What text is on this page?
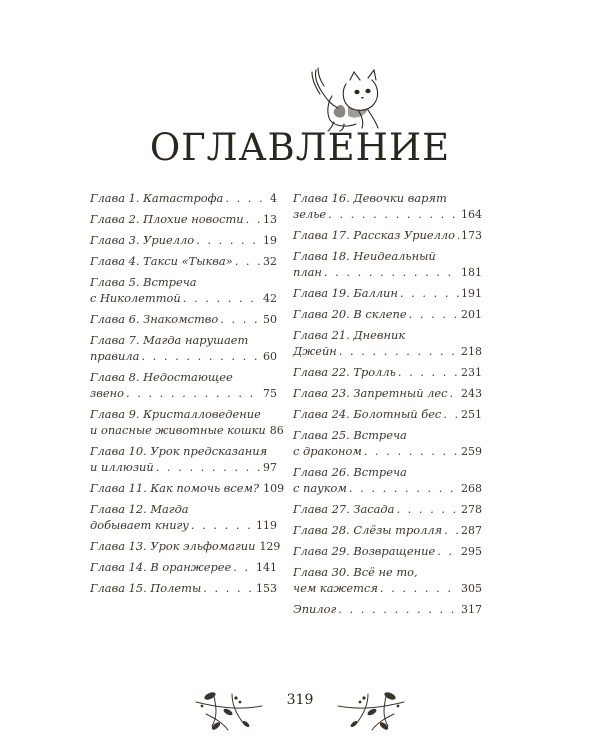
ОГЛАВЛЕНИЕ
Глава 1. Катастрофа . . .	4
Глава 2. Плохие новости . . . 13
Глава 3. Уриелло . . .	19
Глава 4. Такси «Тыква» . . .	32
Глава 5. Встреча
с Николеттой . . .	42
Глава 6. Знакомство . . .	50
Глава 7. Магда нарушает
правила . . .	60
Глава 8. Недостающее
звено . . .	75
Глава 9. Кристалловедение
и опасные животные кошки 86
Глава 10. Урок предсказания
и иллюзий . . .	97
Глава 11. Как помочь всем? 109
Глава 12. Магда
добывает книгу . . .	119
Глава 13. Урок эльфомагии 129
Глава 14. В оранжерее . . . 141
Глава 15. Полеты . . .	153
Глава 16. Девочки варят
зелье . . .	164
Глава 17. Рассказ Уриелло . . . 173
Глава 18. Неидеальный
план . . .	181
Глава 19. Баллин . . .	191
Глава 20. В склепе . . .	201
Глава 21. Дневник
Джейн . . .	218
Глава 22. Тролль . . .	231
Глава 23. Запретный лес . . . 243
Глава 24. Болотный бес . . . 251
Глава 25. Встреча
с драконом . . .	259
Глава 26. Встреча
с пауком . . .	268
Глава 27. Засада . . .	278
Глава 28. Слёзы тролля . . . 287
Глава 29. Возвращение . . . 295
Глава 30. Всё не то,
чем кажется . . .	305
Эпилог . . .	317
319
